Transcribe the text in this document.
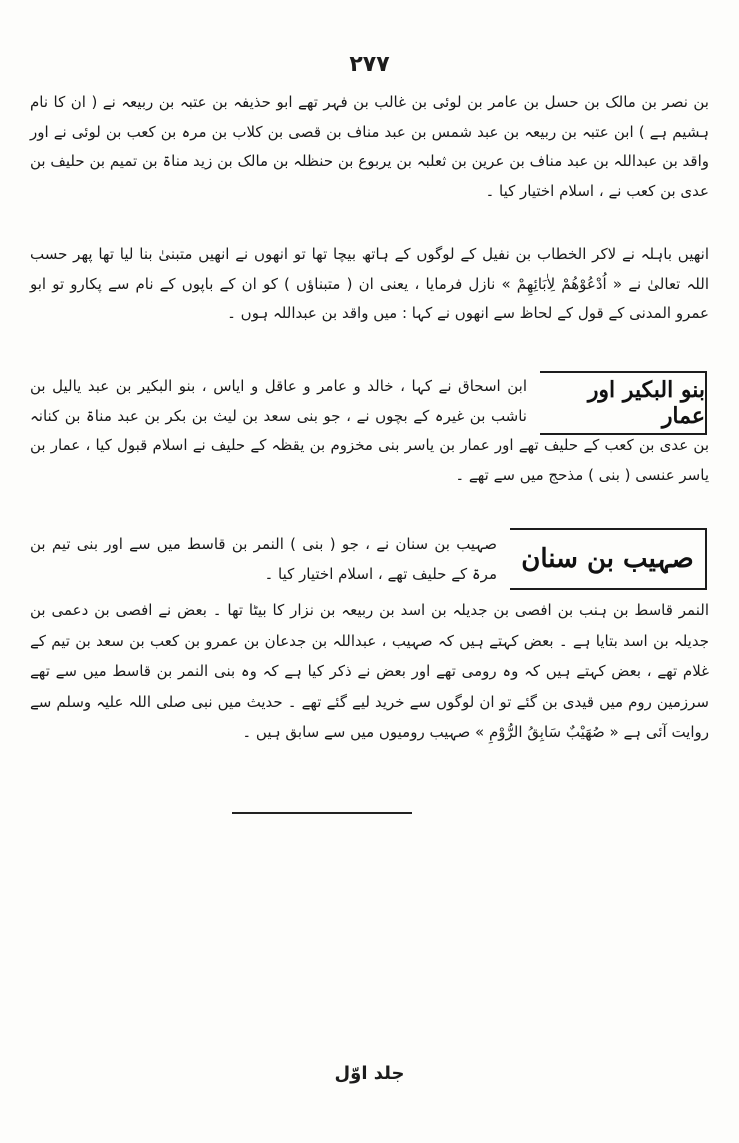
۲۷۷

بن نصر بن مالک بن حسل بن عامر بن لوئی بن غالب بن فہر تھے ابو حذیفہ بن عتبہ بن ربیعہ نے ( ان کا نام ہشیم ہے ) ابن عتبہ بن ربیعہ بن عبد شمس بن عبد مناف بن قصی بن کلاب بن مرہ بن کعب بن لوئی نے اور واقد بن عبداللہ بن عبد مناف بن عرین بن ثعلبہ بن یربوع بن حنظلہ بن مالک بن زید مناۃ بن تمیم بن حلیف بن عدی بن کعب نے ، اسلام اختیار کیا ۔

انھیں باہلہ نے لاکر الخطاب بن نفیل کے لوگوں کے ہاتھ بیچا تھا تو انھوں نے انھیں متبنیٰ بنا لیا تھا پھر حسب اللہ تعالیٰ نے « اُدْعُوْھُمْ لِاٰبَائِھِمْ » نازل فرمایا ، یعنی ان ( متبناؤں ) کو ان کے باپوں کے نام سے پکارو تو ابو عمرو المدنی کے قول کے لحاظ سے انھوں نے کہا : میں واقد بن عبداللہ ہوں ۔

بنو البکیر اور عمار

ابن اسحاق نے کہا ، خالد و عامر و عاقل و ایاس ، بنو البکیر بن عبد یالیل بن ناشب بن غیرہ کے بچوں نے ، جو بنی سعد بن لیث بن بکر بن عبد مناۃ بن کنانہ بن عدی بن کعب کے حلیف تھے اور عمار بن یاسر بنی مخزوم بن یقظہ کے حلیف نے اسلام قبول کیا ، عمار بن یاسر عنسی ( بنی ) مذحج میں سے تھے ۔

صہیب بن سنان

صہیب بن سنان نے ، جو ( بنی ) النمر بن قاسط میں سے اور بنی تیم بن مرۃ کے حلیف تھے ، اسلام اختیار کیا ۔

النمر قاسط بن ہنب بن افصی بن جدیلہ بن اسد بن ربیعہ بن نزار کا بیٹا تھا ۔ بعض نے افصی بن دعمی بن جدیلہ بن اسد بتایا ہے ۔ بعض کہتے ہیں کہ صہیب ، عبداللہ بن جدعان بن عمرو بن کعب بن سعد بن تیم کے غلام تھے ، بعض کہتے ہیں کہ وہ رومی تھے اور بعض نے ذکر کیا ہے کہ وہ بنی النمر بن قاسط میں سے تھے سرزمین روم میں قیدی بن گئے تو ان لوگوں سے خرید لیے گئے تھے ۔ حدیث میں نبی صلی اللہ علیہ وسلم سے روایت آئی ہے « صُهَيْبٌ سَابِقُ الرُّوْمِ » صہیب رومیوں میں سے سابق ہیں ۔

جلد اوّل
